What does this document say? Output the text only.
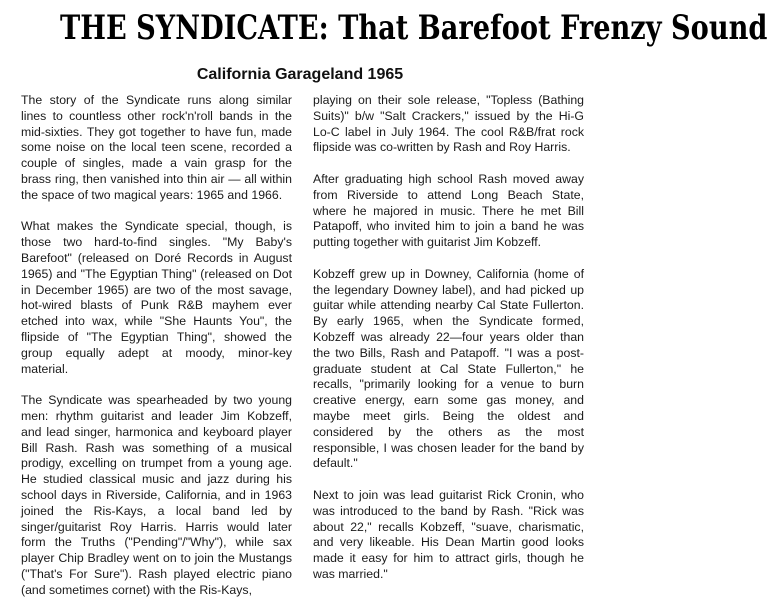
THE SYNDICATE: That Barefoot Frenzy Sound
California Garageland 1965

The story of the Syndicate runs along similar lines to countless other rock'n'roll bands in the mid-sixties. They got together to have fun, made some noise on the local teen scene, recorded a couple of singles, made a vain grasp for the brass ring, then vanished into thin air — all within the space of two magical years: 1965 and 1966.

What makes the Syndicate special, though, is those two hard-to-find singles. "My Baby's Barefoot" (released on Doré Records in August 1965) and "The Egyptian Thing" (released on Dot in December 1965) are two of the most savage, hot-wired blasts of Punk R&B mayhem ever etched into wax, while "She Haunts You", the flipside of "The Egyptian Thing", showed the group equally adept at moody, minor-key material.

The Syndicate was spearheaded by two young men: rhythm guitarist and leader Jim Kobzeff, and lead singer, harmonica and keyboard player Bill Rash. Rash was something of a musical prodigy, excelling on trumpet from a young age. He studied classical music and jazz during his school days in Riverside, California, and in 1963 joined the Ris-Kays, a local band led by singer/guitarist Roy Harris. Harris would later form the Truths ("Pending"/"Why"), while sax player Chip Bradley went on to join the Mustangs ("That's For Sure"). Rash played electric piano (and sometimes cornet) with the Ris-Kays,

playing on their sole release, "Topless (Bathing Suits)" b/w "Salt Crackers," issued by the Hi-G Lo-C label in July 1964. The cool R&B/frat rock flipside was co-written by Rash and Roy Harris.

After graduating high school Rash moved away from Riverside to attend Long Beach State, where he majored in music. There he met Bill Patapoff, who invited him to join a band he was putting together with guitarist Jim Kobzeff.

Kobzeff grew up in Downey, California (home of the legendary Downey label), and had picked up guitar while attending nearby Cal State Fullerton. By early 1965, when the Syndicate formed, Kobzeff was already 22—four years older than the two Bills, Rash and Patapoff. "I was a post-graduate student at Cal State Fullerton," he recalls, "primarily looking for a venue to burn creative energy, earn some gas money, and maybe meet girls. Being the oldest and considered by the others as the most responsible, I was chosen leader for the band by default."

Next to join was lead guitarist Rick Cronin, who was introduced to the band by Rash. "Rick was about 22," recalls Kobzeff, "suave, charismatic, and very likeable. His Dean Martin good looks made it easy for him to attract girls, though he was married."
